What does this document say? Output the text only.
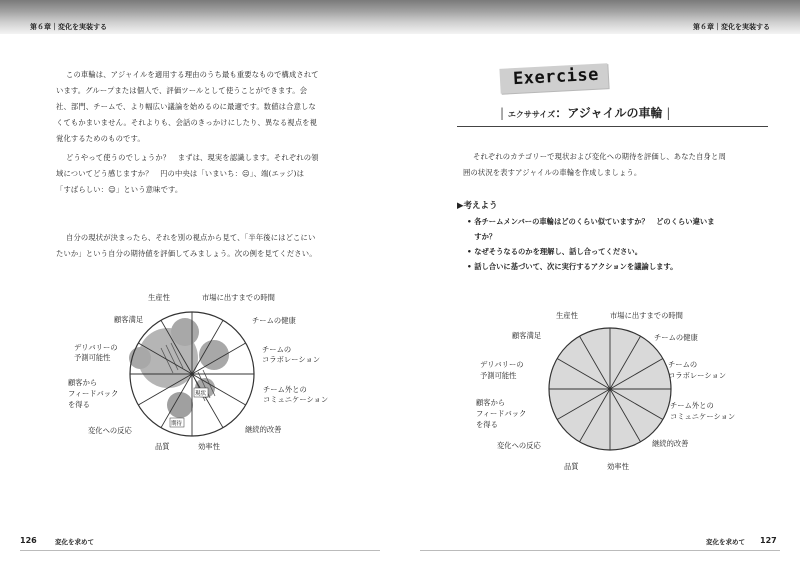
第６章｜変化を実装する
この車輪は、アジャイルを適用する理由のうち最も重要なもので構成されて
います。グループまたは個人で、評価ツールとして使うことができます。会
社、部門、チームで、より幅広い議論を始めるのに最適です。数値は合意しな
くてもかまいません。それよりも、会話のきっかけにしたり、異なる視点を視
覚化するためのものです。
どうやって使うのでしょうか？　まずは、現実を認識します。それぞれの領
域についてどう感じますか？　円の中央は「いまいち：☹」、端(エッジ)は
「すばらしい：☺」という意味です。
自分の現状が決まったら、それを別の視点から見て、「半年後にはどこにい
たいか」という自分の期待値を評価してみましょう。次の例を見てください。
現状
期待
生産性	市場に出すまでの時間
チームの健康
チームの
コラボレーション
チーム外との
コミュニケーション
継続的改善
効率性
品質
変化への反応
顧客から
フィードバック
を得る
デリバリーの
予測可能性
顧客満足
126	変化を求めて
第６章｜変化を実装する
Exercise
| エクササイズ：アジャイルの車輪 |
それぞれのカテゴリーで現状および変化への期待を評価し、あなた自身と周
囲の状況を表すアジャイルの車輪を作成しましょう。
▶考えよう
• 各チームメンバーの車輪はどのくらい似ていますか？　どのくらい違いま
　すか？
• なぜそうなるのかを理解し、話し合ってください。
• 話し合いに基づいて、次に実行するアクションを議論します。
生産性	市場に出すまでの時間
チームの健康
チームの
コラボレーション
チーム外との
コミュニケーション
継続的改善
効率性
品質
変化への反応
顧客から
フィードバック
を得る
デリバリーの
予測可能性
顧客満足
変化を求めて 127
